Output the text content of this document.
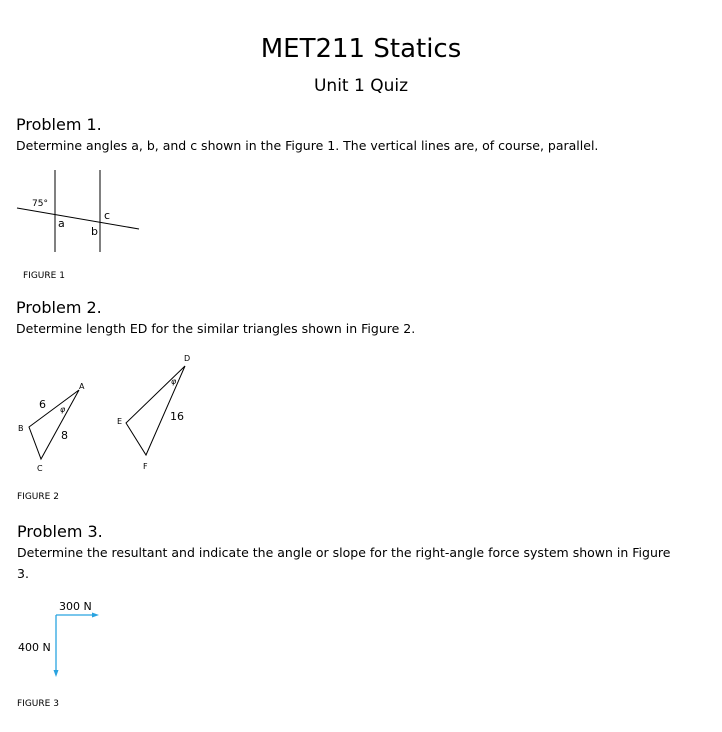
MET211 Statics
Unit 1 Quiz
Problem 1.
Determine angles a, b, and c shown in the Figure 1. The vertical lines are, of course, parallel.
75°
a
b
c
FIGURE 1
Problem 2.
Determine length ED for the similar triangles shown in Figure 2.
A
B
C
D
E
F
6
8
16
φ
φ
FIGURE 2
Problem 3.
Determine the resultant and indicate the angle or slope for the right-angle force system shown in Figure
3.
300 N
400 N
FIGURE 3
